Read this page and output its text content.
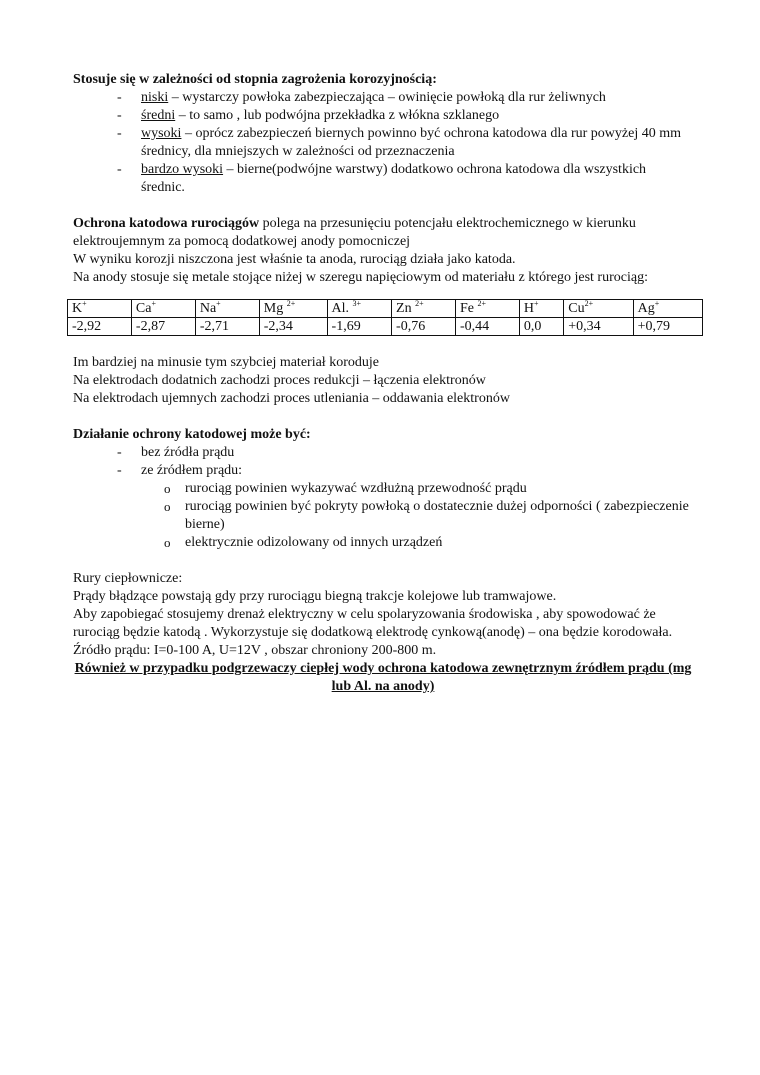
Stosuje się w zależności od stopnia zagrożenia korozyjnością:
- niski – wystarczy powłoka zabezpieczająca – owinięcie powłoką dla rur żeliwnych
- średni – to samo , lub podwójna przekładka z włókna szklanego
- wysoki – oprócz zabezpieczeń biernych powinno być ochrona katodowa dla rur powyżej 40 mm średnicy, dla mniejszych w zależności od przeznaczenia
- bardzo wysoki – bierne(podwójne warstwy) dodatkowo ochrona katodowa dla wszystkich średnic.
Ochrona katodowa rurociągów polega na przesunięciu potencjału elektrochemicznego w kierunku elektroujemnym za pomocą dodatkowej anody pomocniczej
W wyniku korozji niszczona jest właśnie ta anoda, rurociąg działa jako katoda.
Na anody stosuje się metale stojące niżej w szeregu napięciowym od materiału z którego jest rurociąg:
K+	Ca+	Na+	Mg $^{2+}$	Al. $^{3+}$	Zn $^{2+}$	Fe $^{2+}$	H+	$Cu^{2+}$	Ag+
-2,92	-2,87	-2,71	-2,34	-1,69	-0,76	-0,44	0,0	+0,34	+0,79
Im bardziej na minusie tym szybciej materiał koroduje
Na elektrodach dodatnich zachodzi proces redukcji – łączenia elektronów
Na elektrodach ujemnych zachodzi proces utleniania – oddawania elektronów
Działanie ochrony katodowej może być:
- bez źródła prądu
- ze źródłem prądu:
o rurociąg powinien wykazywać wzdłużną przewodność prądu
o rurociąg powinien być pokryty powłoką o dostatecznie dużej odporności ( zabezpieczenie bierne)
o elektrycznie odizolowany od innych urządzeń
Rury ciepłownicze:
Prądy błądzące powstają gdy przy rurociągu biegną trakcje kolejowe lub tramwajowe.
Aby zapobiegać stosujemy drenaż elektryczny w celu spolaryzowania środowiska , aby spowodować że rurociąg będzie katodą . Wykorzystuje się dodatkową elektrodę cynkową(anodę) – ona będzie korodowała. Źródło prądu: I=0-100 A, U=12V , obszar chroniony 200-800 m.
Również w przypadku podgrzewaczy ciepłej wody ochrona katodowa zewnętrznym źródłem prądu (mg lub Al. na anody)
